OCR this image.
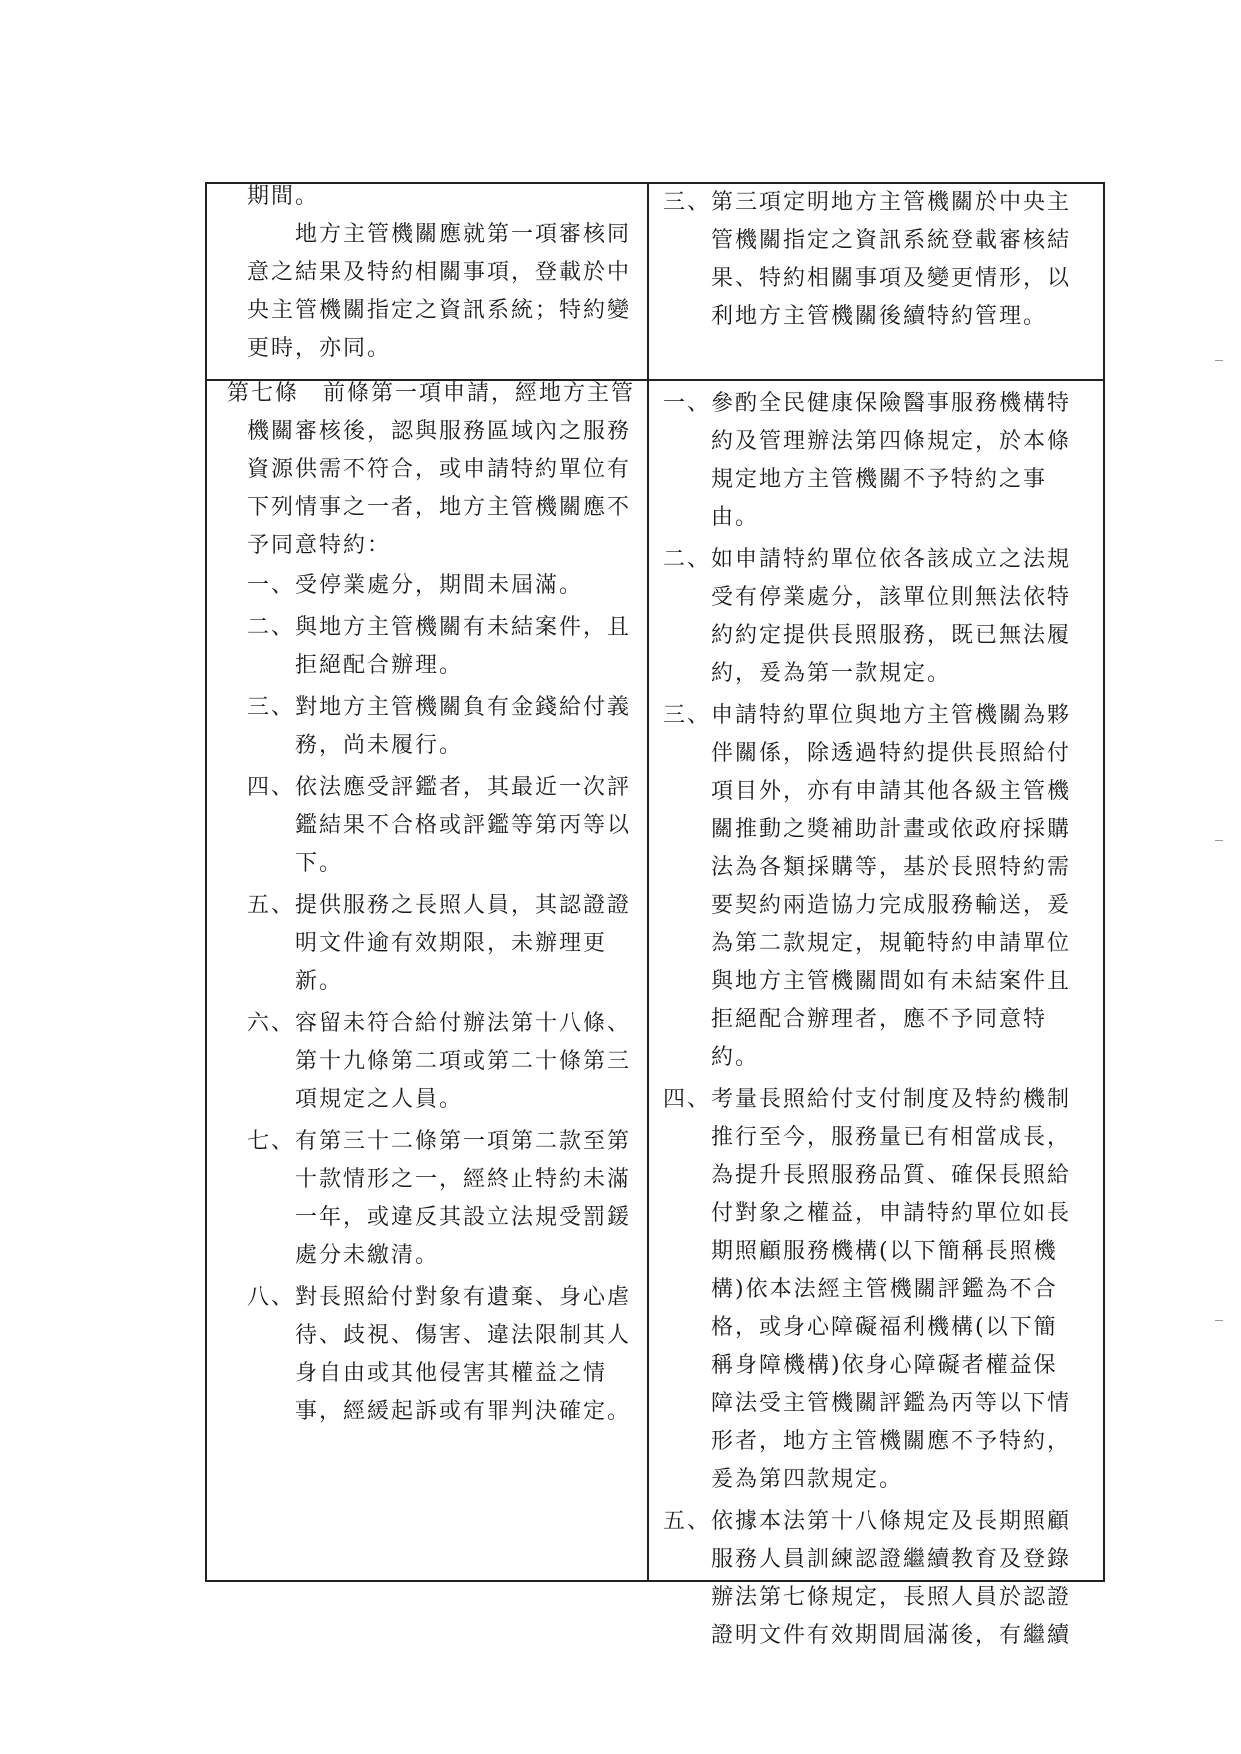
期間。
地方主管機關應就第一項審核同
意之結果及特約相關事項，登載於中
央主管機關指定之資訊系統；特約變
更時，亦同。
三、第三項定明地方主管機關於中央主
管機關指定之資訊系統登載審核結
果、特約相關事項及變更情形，以
利地方主管機關後續特約管理。
第七條　前條第一項申請，經地方主管
機關審核後，認與服務區域內之服務
資源供需不符合，或申請特約單位有
下列情事之一者，地方主管機關應不
予同意特約：
一、受停業處分，期間未屆滿。
二、與地方主管機關有未結案件，且
拒絕配合辦理。
三、對地方主管機關負有金錢給付義
務，尚未履行。
四、依法應受評鑑者，其最近一次評
鑑結果不合格或評鑑等第丙等以
下。
五、提供服務之長照人員，其認證證
明文件逾有效期限，未辦理更
新。
六、容留未符合給付辦法第十八條、
第十九條第二項或第二十條第三
項規定之人員。
七、有第三十二條第一項第二款至第
十款情形之一，經終止特約未滿
一年，或違反其設立法規受罰鍰
處分未繳清。
八、對長照給付對象有遺棄、身心虐
待、歧視、傷害、違法限制其人
身自由或其他侵害其權益之情
事，經緩起訴或有罪判決確定。
一、參酌全民健康保險醫事服務機構特
約及管理辦法第四條規定，於本條
規定地方主管機關不予特約之事
由。
二、如申請特約單位依各該成立之法規
受有停業處分，該單位則無法依特
約約定提供長照服務，既已無法履
約，爰為第一款規定。
三、申請特約單位與地方主管機關為夥
伴關係，除透過特約提供長照給付
項目外，亦有申請其他各級主管機
關推動之獎補助計畫或依政府採購
法為各類採購等，基於長照特約需
要契約兩造協力完成服務輸送，爰
為第二款規定，規範特約申請單位
與地方主管機關間如有未結案件且
拒絕配合辦理者，應不予同意特
約。
四、考量長照給付支付制度及特約機制
推行至今，服務量已有相當成長，
為提升長照服務品質、確保長照給
付對象之權益，申請特約單位如長
期照顧服務機構(以下簡稱長照機
構)依本法經主管機關評鑑為不合
格，或身心障礙福利機構(以下簡
稱身障機構)依身心障礙者權益保
障法受主管機關評鑑為丙等以下情
形者，地方主管機關應不予特約，
爰為第四款規定。
五、依據本法第十八條規定及長期照顧
服務人員訓練認證繼續教育及登錄
辦法第七條規定，長照人員於認證
證明文件有效期間屆滿後，有繼續
